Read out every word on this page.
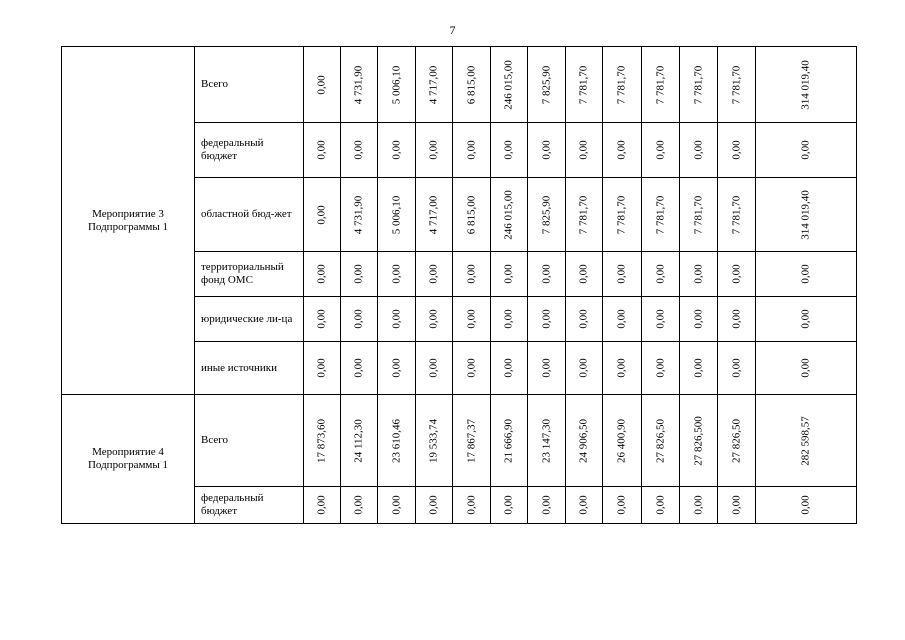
7
Мероприятие 3
Подпрограммы 1	Всего	0,00	4 731,90	5 006,10	4 717,00	6 815,00	246 015,00	7 825,90	7 781,70	7 781,70	7 781,70	7 781,70	7 781,70	314 019,40

	федеральный бюджет	0,00	0,00	0,00	0,00	0,00	0,00	0,00	0,00	0,00	0,00	0,00	0,00	0,00

	областной бюд-жет	0,00	4 731,90	5 006,10	4 717,00	6 815,00	246 015,00	7 825,90	7 781,70	7 781,70	7 781,70	7 781,70	7 781,70	314 019,40

	территориальный фонд ОМС	0,00	0,00	0,00	0,00	0,00	0,00	0,00	0,00	0,00	0,00	0,00	0,00	0,00

	юридические ли-ца	0,00	0,00	0,00	0,00	0,00	0,00	0,00	0,00	0,00	0,00	0,00	0,00	0,00

	иные источники	0,00	0,00	0,00	0,00	0,00	0,00	0,00	0,00	0,00	0,00	0,00	0,00	0,00

Мероприятие 4
Подпрограммы 1	Всего	17 873,60	24 112,30	23 610,46	19 533,74	17 867,37	21 666,90	23 147,30	24 906,50	26 400,90	27 826,50	27 826,500	27 826,50	282 598,57

	федеральный бюджет	0,00	0,00	0,00	0,00	0,00	0,00	0,00	0,00	0,00	0,00	0,00	0,00	0,00
